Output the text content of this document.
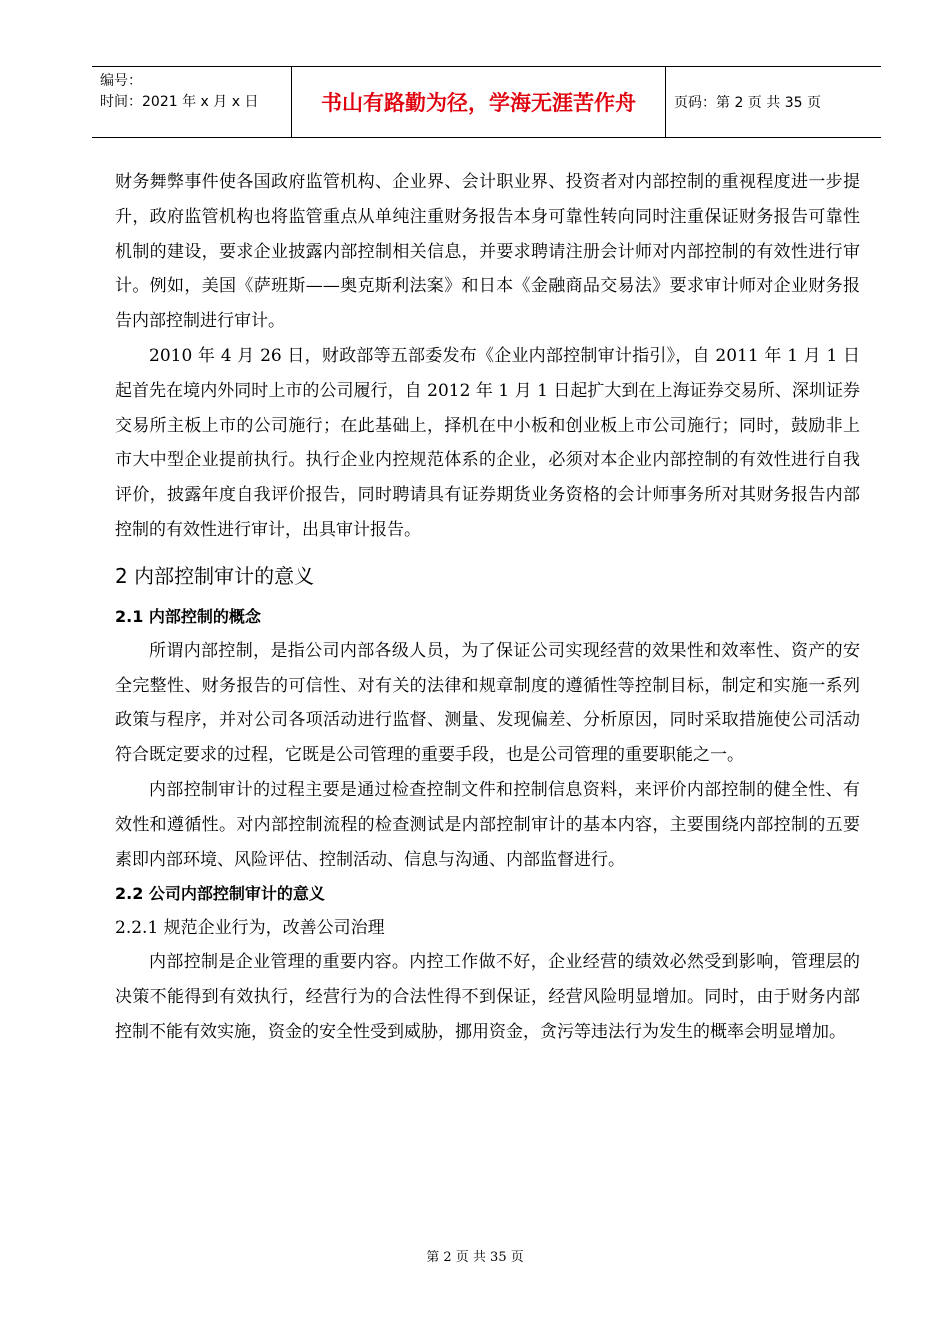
编号：
时间：2021 年 x 月 x 日	书山有路勤为径，学海无涯苦作舟	页码：第 2 页 共 35 页

财务舞弊事件使各国政府监管机构、企业界、会计职业界、投资者对内部控制的重视程度进一步提升，政府监管机构也将监管重点从单纯注重财务报告本身可靠性转向同时注重保证财务报告可靠性机制的建设，要求企业披露内部控制相关信息，并要求聘请注册会计师对内部控制的有效性进行审计。例如，美国《萨班斯——奥克斯利法案》和日本《金融商品交易法》要求审计师对企业财务报告内部控制进行审计。

2010 年 4 月 26 日，财政部等五部委发布《企业内部控制审计指引》，自 2011 年 1 月 1 日起首先在境内外同时上市的公司履行，自 2012 年 1 月 1 日起扩大到在上海证券交易所、深圳证券交易所主板上市的公司施行；在此基础上，择机在中小板和创业板上市公司施行；同时，鼓励非上市大中型企业提前执行。执行企业内控规范体系的企业，必须对本企业内部控制的有效性进行自我评价，披露年度自我评价报告，同时聘请具有证券期货业务资格的会计师事务所对其财务报告内部控制的有效性进行审计，出具审计报告。

2 内部控制审计的意义
2.1 内部控制的概念

所谓内部控制，是指公司内部各级人员，为了保证公司实现经营的效果性和效率性、资产的安全完整性、财务报告的可信性、对有关的法律和规章制度的遵循性等控制目标，制定和实施一系列政策与程序，并对公司各项活动进行监督、测量、发现偏差、分析原因，同时采取措施使公司活动符合既定要求的过程，它既是公司管理的重要手段，也是公司管理的重要职能之一。

内部控制审计的过程主要是通过检查控制文件和控制信息资料，来评价内部控制的健全性、有效性和遵循性。对内部控制流程的检查测试是内部控制审计的基本内容，主要围绕内部控制的五要素即内部环境、风险评估、控制活动、信息与沟通、内部监督进行。

2.2 公司内部控制审计的意义
2.2.1 规范企业行为，改善公司治理

内部控制是企业管理的重要内容。内控工作做不好，企业经营的绩效必然受到影响，管理层的决策不能得到有效执行，经营行为的合法性得不到保证，经营风险明显增加。同时，由于财务内部控制不能有效实施，资金的安全性受到威胁，挪用资金，贪污等违法行为发生的概率会明显增加。

第 2 页 共 35 页
